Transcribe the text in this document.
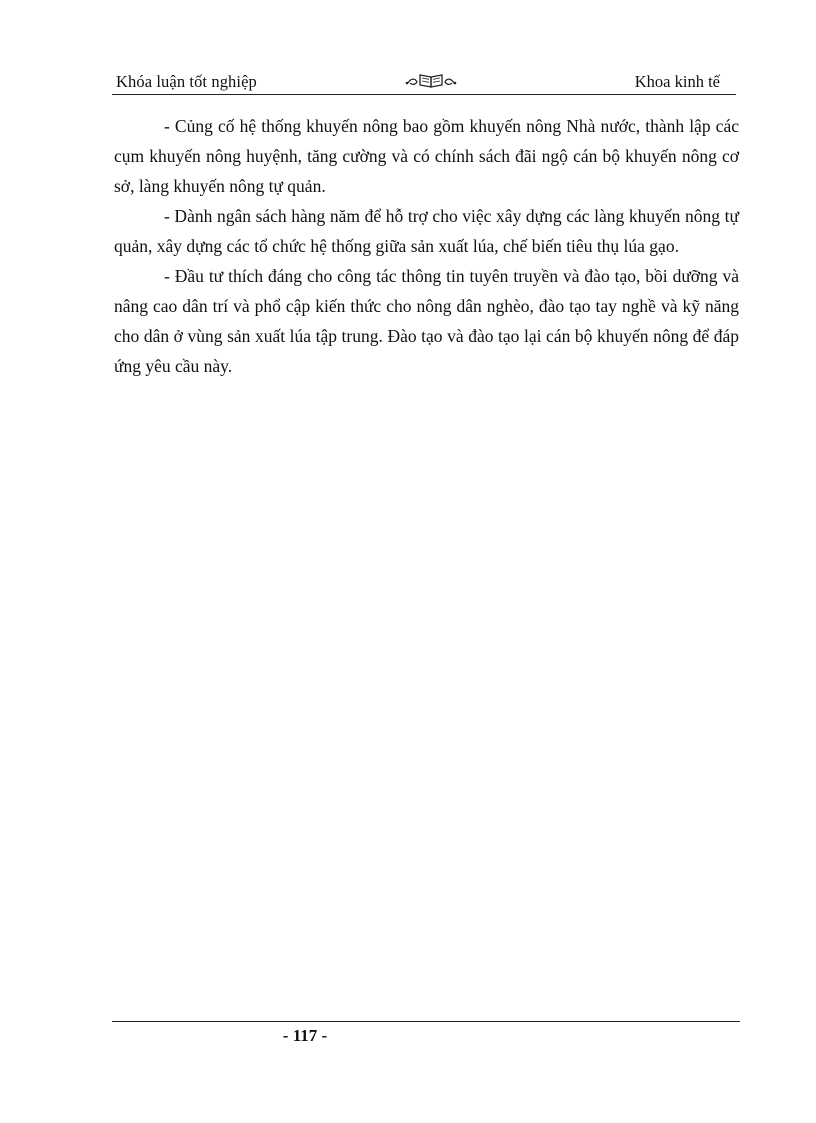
Khóa luận tốt nghiệp	Khoa kinh tế

- Củng cố hệ thống khuyến nông bao gồm khuyến nông Nhà nước, thành lập các cụm khuyến nông huyệnh, tăng cường và có chính sách đãi ngộ cán bộ khuyến nông cơ sở, làng khuyến nông tự quản.

- Dành ngân sách hàng năm để hỗ trợ cho việc xây dựng các làng khuyến nông tự quản, xây dựng các tổ chức hệ thống giữa sản xuất lúa, chế biến tiêu thụ lúa gạo.

- Đầu tư thích đáng cho công tác thông tin tuyên truyền và đào tạo, bồi dưỡng và nâng cao dân trí và phổ cập kiến thức cho nông dân nghèo, đào tạo tay nghề và kỹ năng cho dân ở vùng sản xuất lúa tập trung. Đào tạo và đào tạo lại cán bộ khuyến nông để đáp ứng yêu cầu này.

- 117 -
